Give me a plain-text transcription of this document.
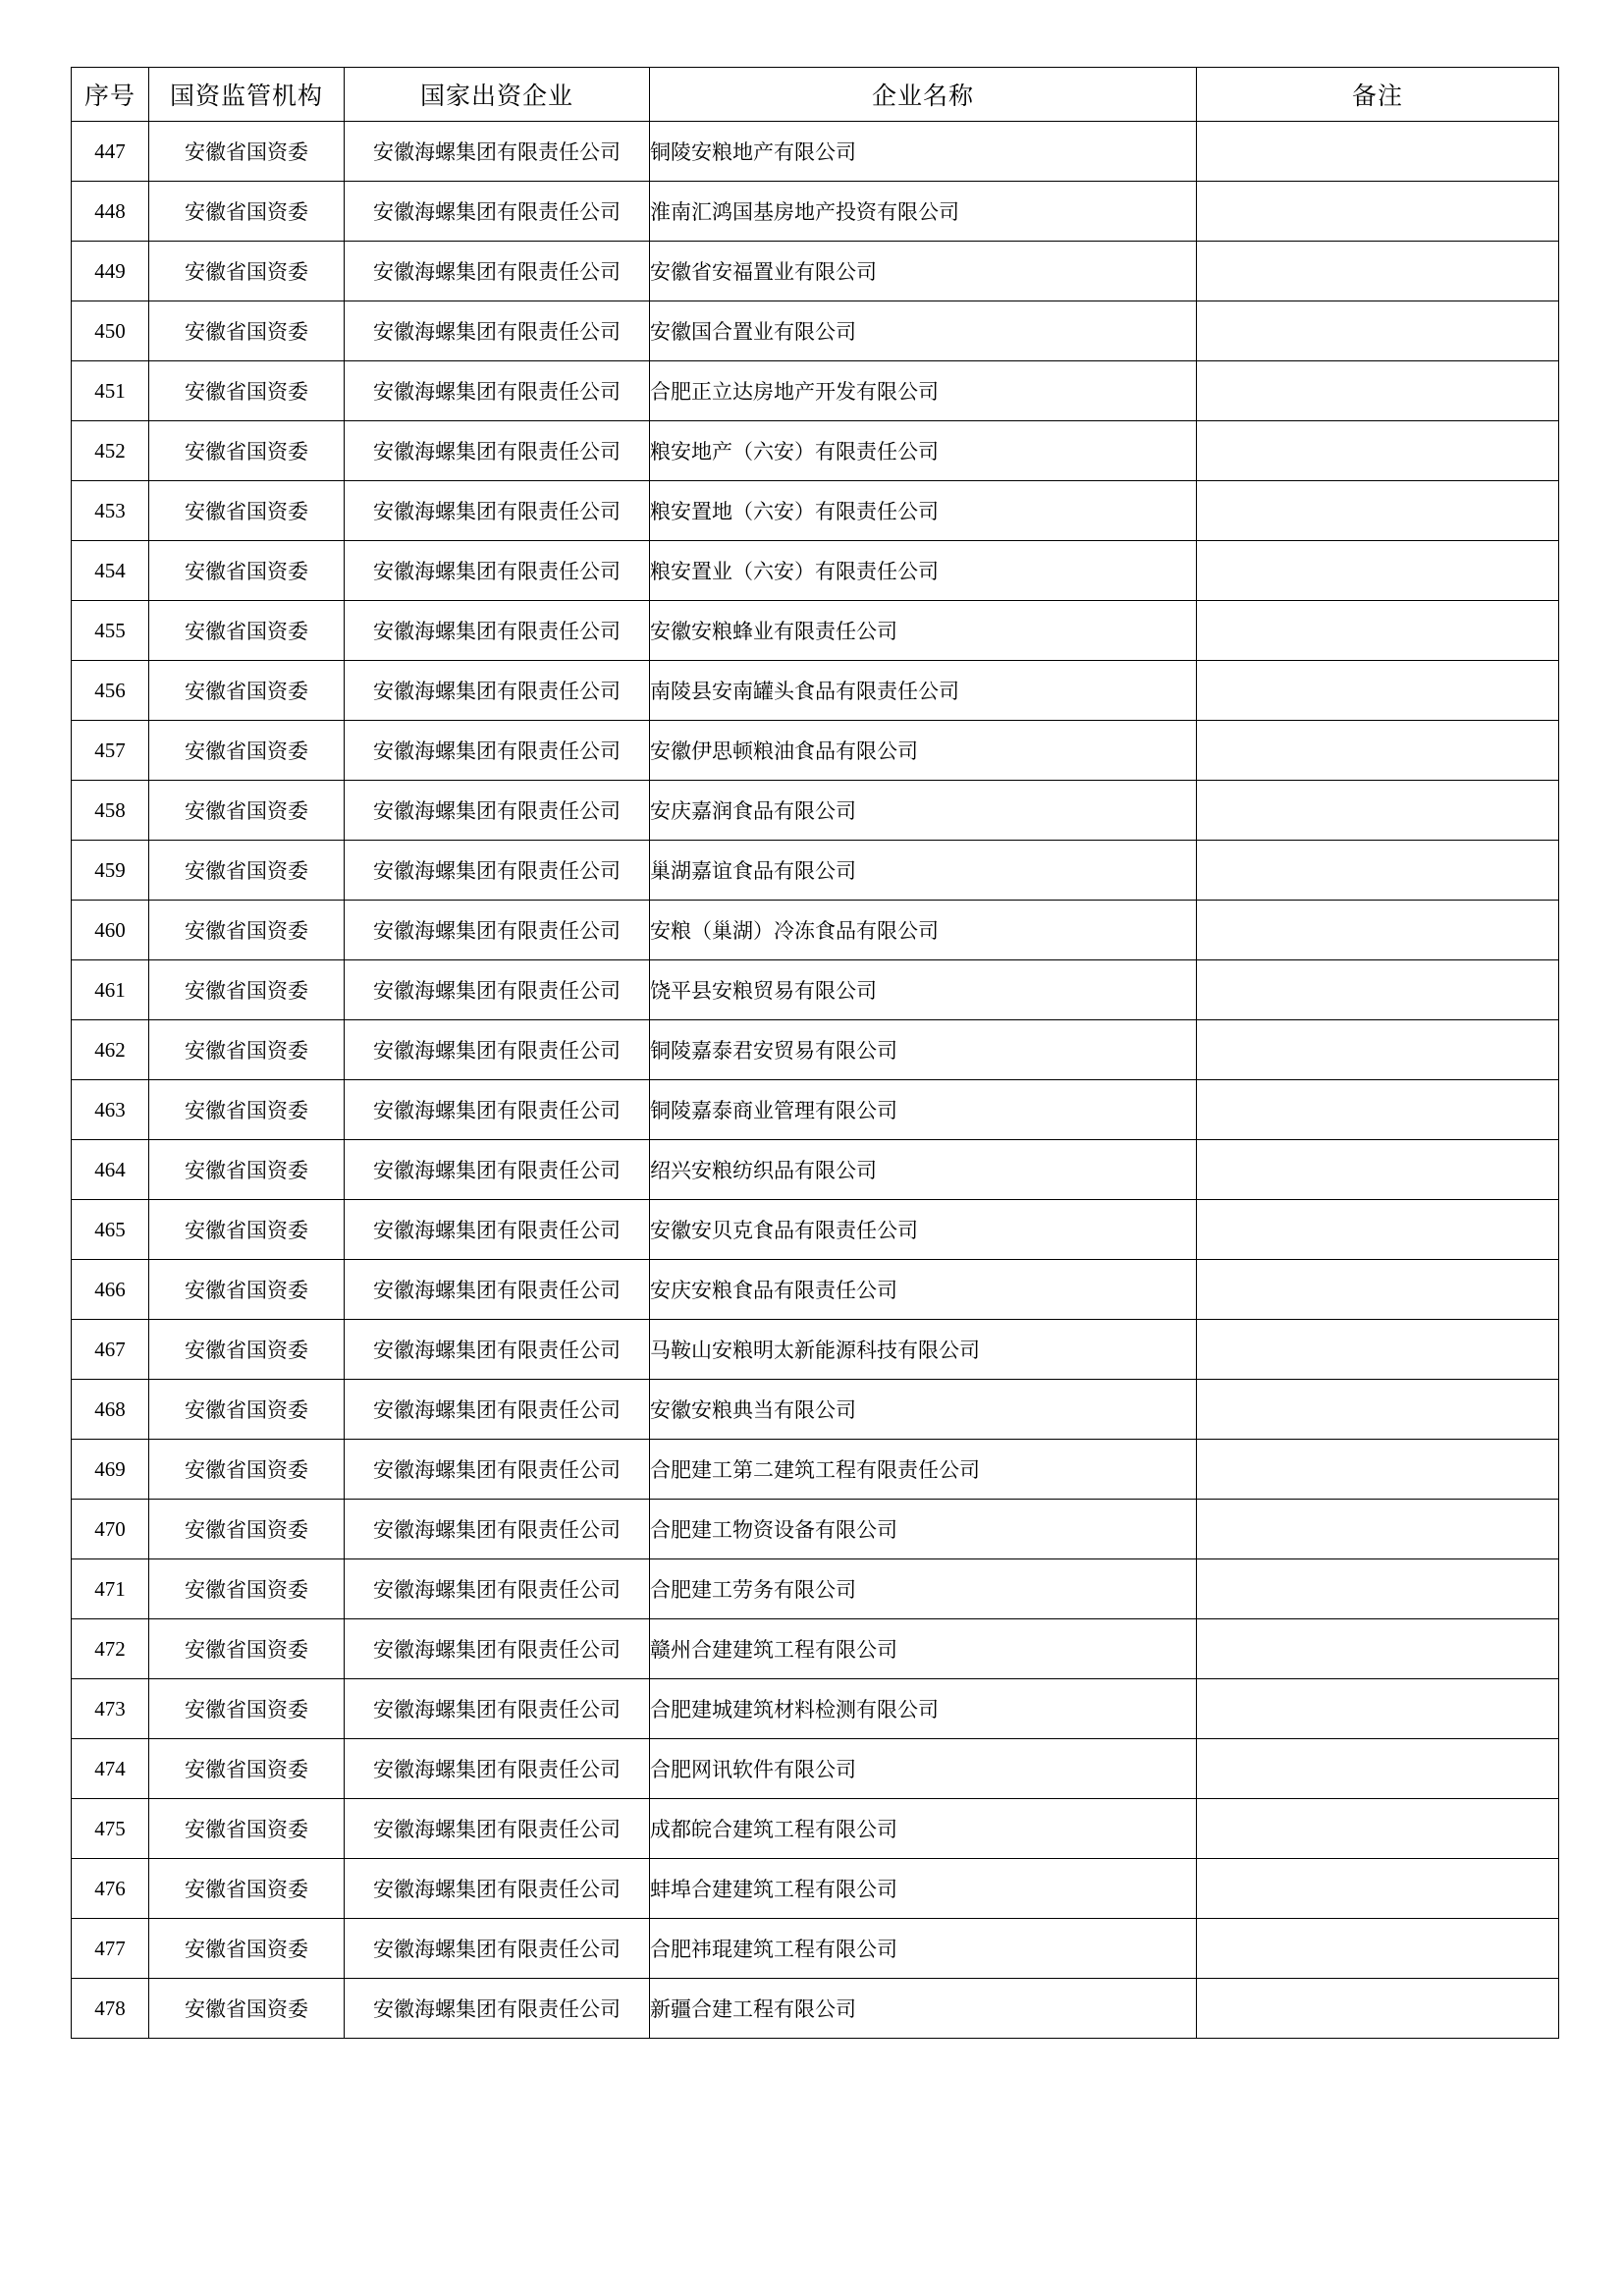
序号	国资监管机构	国家出资企业	企业名称	备注
447	安徽省国资委	安徽海螺集团有限责任公司	铜陵安粮地产有限公司	
448	安徽省国资委	安徽海螺集团有限责任公司	淮南汇鸿国基房地产投资有限公司	
449	安徽省国资委	安徽海螺集团有限责任公司	安徽省安福置业有限公司	
450	安徽省国资委	安徽海螺集团有限责任公司	安徽国合置业有限公司	
451	安徽省国资委	安徽海螺集团有限责任公司	合肥正立达房地产开发有限公司	
452	安徽省国资委	安徽海螺集团有限责任公司	粮安地产（六安）有限责任公司	
453	安徽省国资委	安徽海螺集团有限责任公司	粮安置地（六安）有限责任公司	
454	安徽省国资委	安徽海螺集团有限责任公司	粮安置业（六安）有限责任公司	
455	安徽省国资委	安徽海螺集团有限责任公司	安徽安粮蜂业有限责任公司	
456	安徽省国资委	安徽海螺集团有限责任公司	南陵县安南罐头食品有限责任公司	
457	安徽省国资委	安徽海螺集团有限责任公司	安徽伊思顿粮油食品有限公司	
458	安徽省国资委	安徽海螺集团有限责任公司	安庆嘉润食品有限公司	
459	安徽省国资委	安徽海螺集团有限责任公司	巢湖嘉谊食品有限公司	
460	安徽省国资委	安徽海螺集团有限责任公司	安粮（巢湖）冷冻食品有限公司	
461	安徽省国资委	安徽海螺集团有限责任公司	饶平县安粮贸易有限公司	
462	安徽省国资委	安徽海螺集团有限责任公司	铜陵嘉泰君安贸易有限公司	
463	安徽省国资委	安徽海螺集团有限责任公司	铜陵嘉泰商业管理有限公司	
464	安徽省国资委	安徽海螺集团有限责任公司	绍兴安粮纺织品有限公司	
465	安徽省国资委	安徽海螺集团有限责任公司	安徽安贝克食品有限责任公司	
466	安徽省国资委	安徽海螺集团有限责任公司	安庆安粮食品有限责任公司	
467	安徽省国资委	安徽海螺集团有限责任公司	马鞍山安粮明太新能源科技有限公司	
468	安徽省国资委	安徽海螺集团有限责任公司	安徽安粮典当有限公司	
469	安徽省国资委	安徽海螺集团有限责任公司	合肥建工第二建筑工程有限责任公司	
470	安徽省国资委	安徽海螺集团有限责任公司	合肥建工物资设备有限公司	
471	安徽省国资委	安徽海螺集团有限责任公司	合肥建工劳务有限公司	
472	安徽省国资委	安徽海螺集团有限责任公司	赣州合建建筑工程有限公司	
473	安徽省国资委	安徽海螺集团有限责任公司	合肥建城建筑材料检测有限公司	
474	安徽省国资委	安徽海螺集团有限责任公司	合肥网讯软件有限公司	
475	安徽省国资委	安徽海螺集团有限责任公司	成都皖合建筑工程有限公司	
476	安徽省国资委	安徽海螺集团有限责任公司	蚌埠合建建筑工程有限公司	
477	安徽省国资委	安徽海螺集团有限责任公司	合肥祎琨建筑工程有限公司	
478	安徽省国资委	安徽海螺集团有限责任公司	新疆合建工程有限公司	
